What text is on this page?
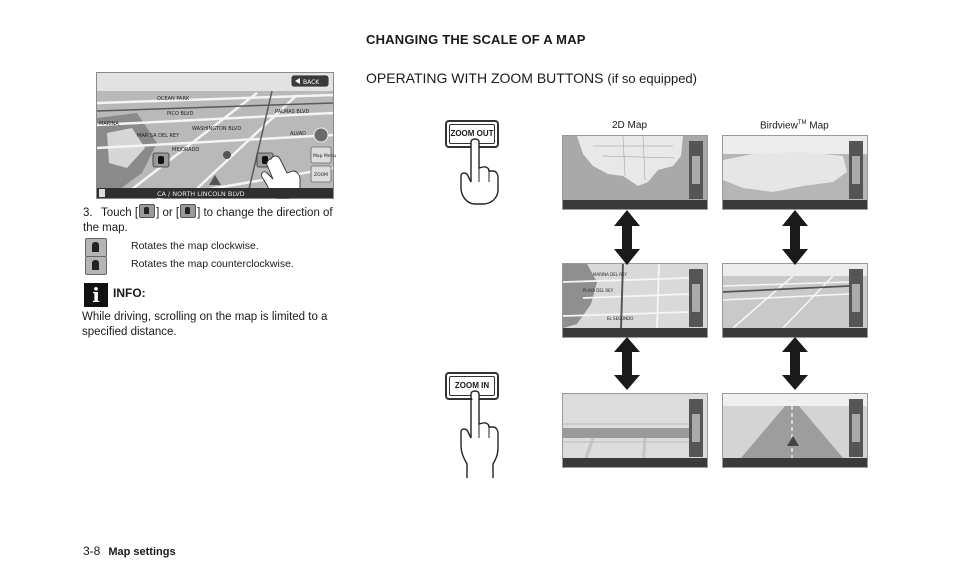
OCEAN PARK
PICO BLVD	PALMAS BLVD
MARINA
WASHINGTON BLVD
MAR SA DEL REY	ALVAD
MEJORADO
BACK
Map Menu
ZOOM
CA / NORTH LINCOLN BLVD
3. Touch [ ] or [ ] to change the direction of the map.
Rotates the map clockwise.
Rotates the map counterclockwise.
i	INFO:
While driving, scrolling on the map is limited to a specified distance.
3-8 Map settings
CHANGING THE SCALE OF A MAP
OPERATING WITH ZOOM BUTTONS (if so equipped)
2D Map	Birdview™ Map
ZOOM OUT
ZOOM IN
MARINA DEL REY
PLAYA DEL REY
EL SEGUNDO
